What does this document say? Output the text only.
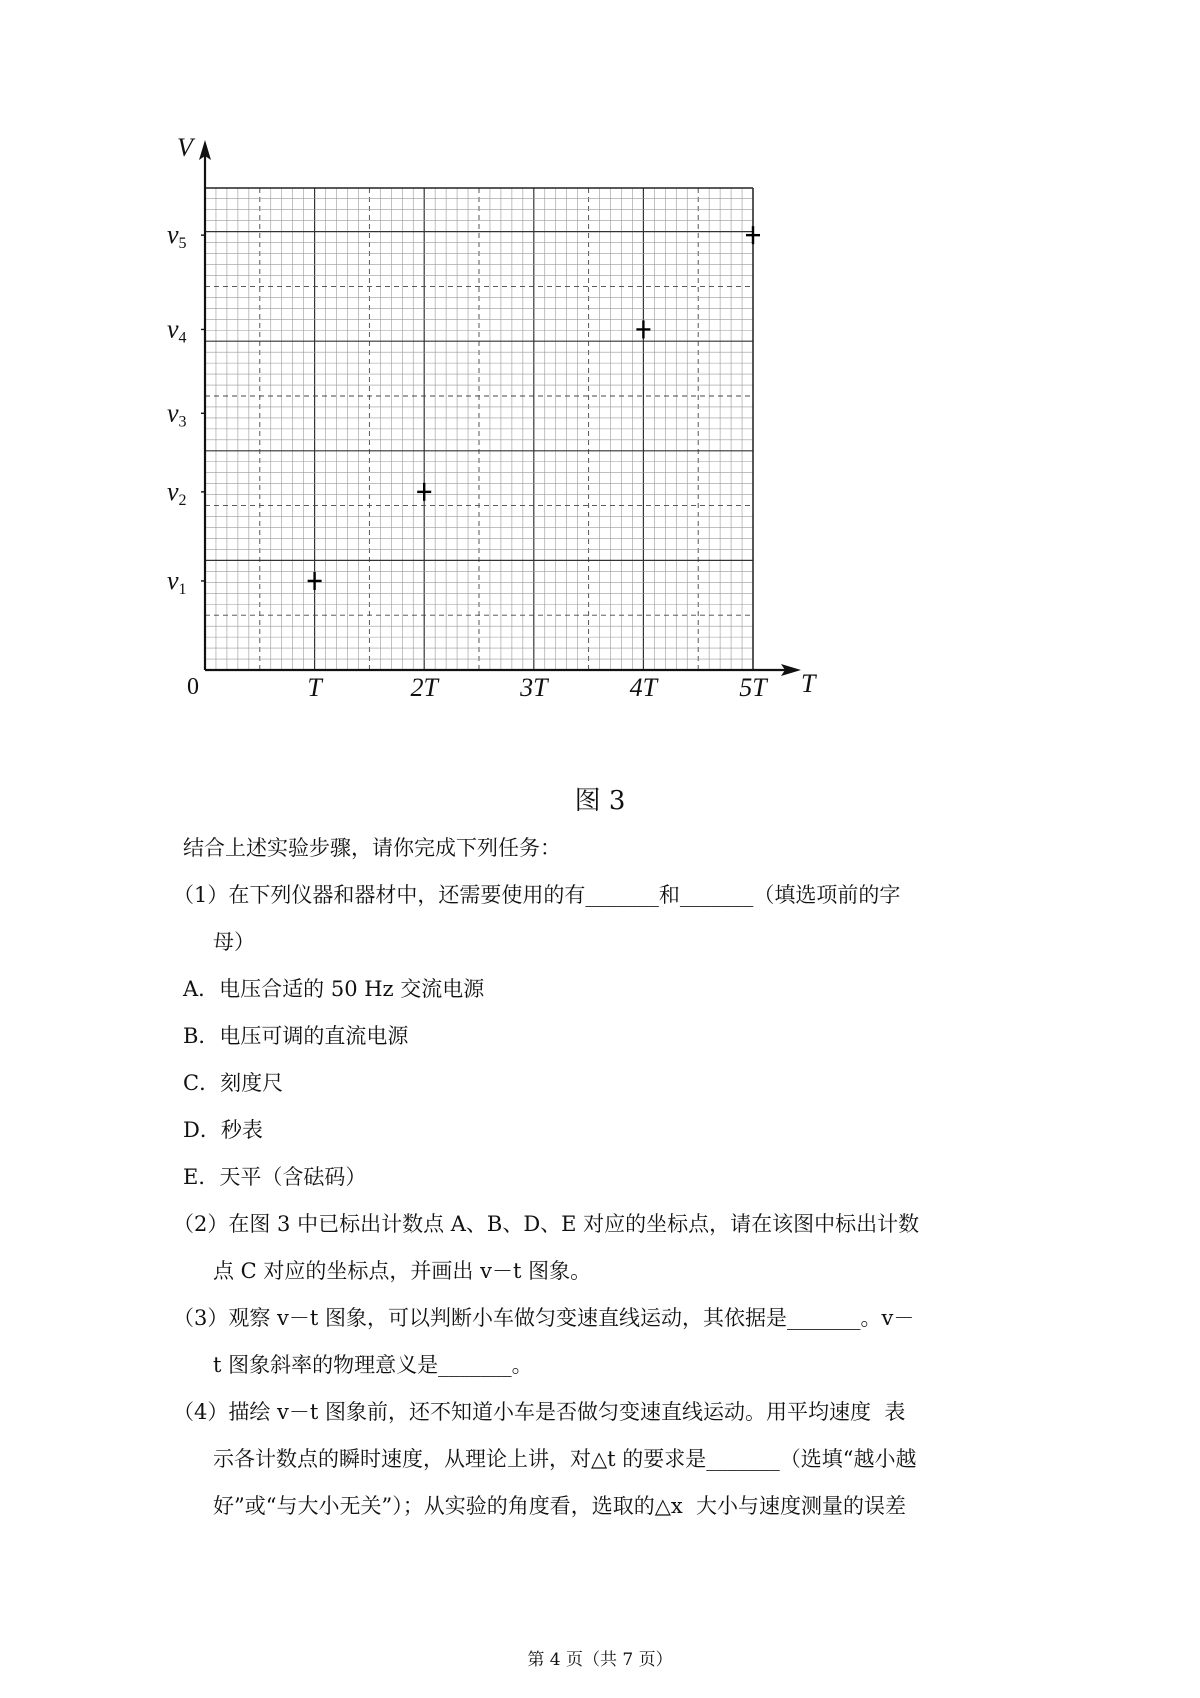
V
T
0	T	2T	3T	4T	5T
v1
v2
v3
v4
v5
图 3
结合上述实验步骤，请你完成下列任务：
（1）在下列仪器和器材中，还需要使用的有_______和_______（填选项前的字
母）
A．电压合适的 50 Hz 交流电源
B．电压可调的直流电源
C．刻度尺
D．秒表
E．天平（含砝码）
（2）在图 3 中已标出计数点 A、B、D、E 对应的坐标点，请在该图中标出计数
点 C 对应的坐标点，并画出 v－t 图象。
（3）观察 v－t 图象，可以判断小车做匀变速直线运动，其依据是_______。v－
t 图象斜率的物理意义是_______。
（4）描绘 v－t 图象前，还不知道小车是否做匀变速直线运动。用平均速度  表
示各计数点的瞬时速度，从理论上讲，对△t 的要求是_______（选填“越小越
好”或“与大小无关”）；从实验的角度看，选取的△x  大小与速度测量的误差
第 4 页（共 7 页）
